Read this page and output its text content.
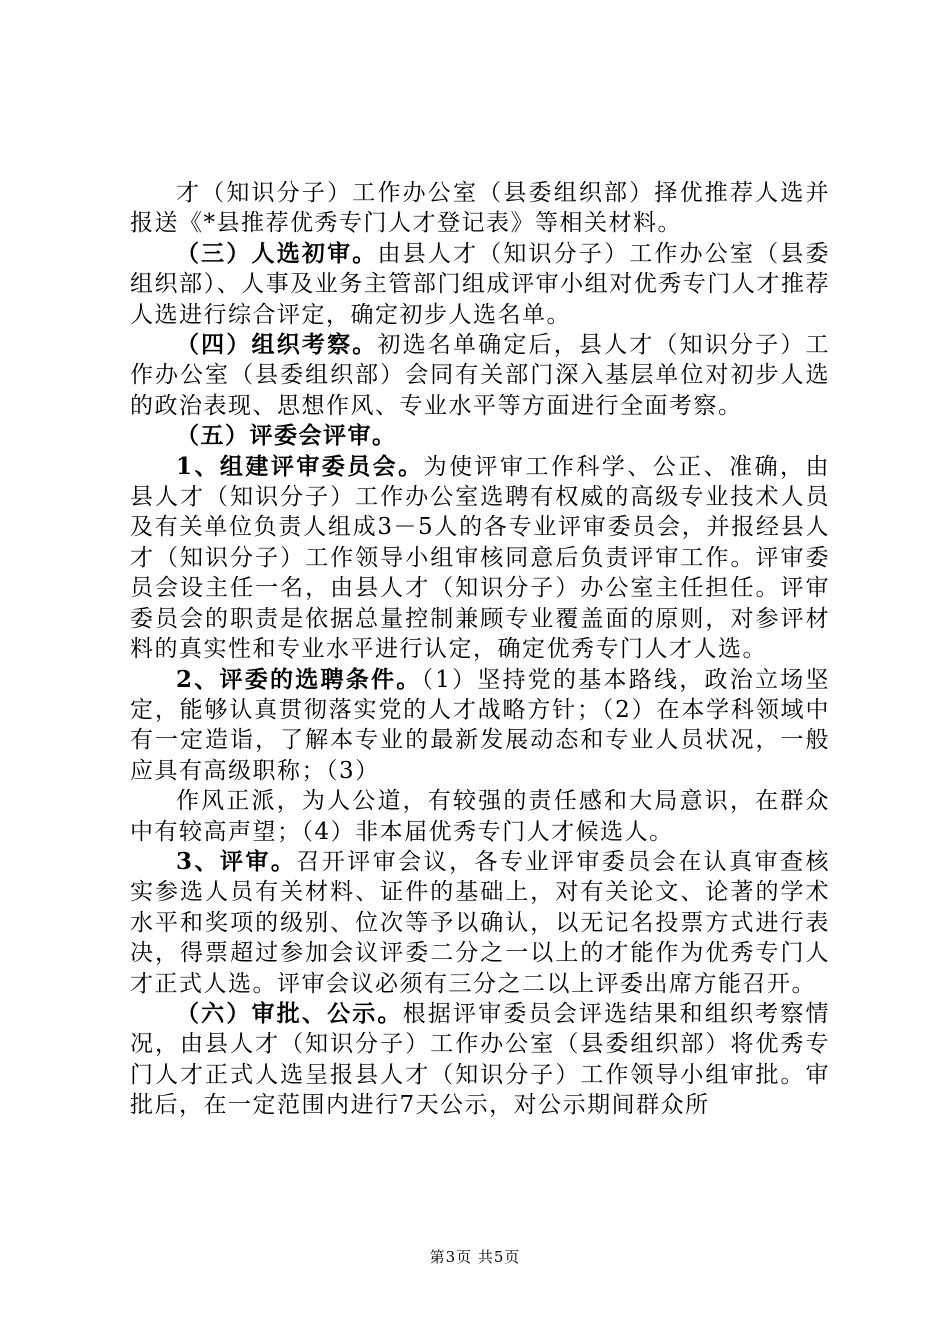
才（知识分子）工作办公室（县委组织部）择优推荐人选并报送《*县推荐优秀专门人才登记表》等相关材料。

（三）人选初审。由县人才（知识分子）工作办公室（县委组织部）、人事及业务主管部门组成评审小组对优秀专门人才推荐人选进行综合评定，确定初步人选名单。

（四）组织考察。初选名单确定后，县人才（知识分子）工作办公室（县委组织部）会同有关部门深入基层单位对初步人选的政治表现、思想作风、专业水平等方面进行全面考察。

（五）评委会评审。

1、组建评审委员会。为使评审工作科学、公正、准确，由县人才（知识分子）工作办公室选聘有权威的高级专业技术人员及有关单位负责人组成3－5人的各专业评审委员会，并报经县人才（知识分子）工作领导小组审核同意后负责评审工作。评审委员会设主任一名，由县人才（知识分子）办公室主任担任。评审委员会的职责是依据总量控制兼顾专业覆盖面的原则，对参评材料的真实性和专业水平进行认定，确定优秀专门人才人选。

2、评委的选聘条件。（1）坚持党的基本路线，政治立场坚定，能够认真贯彻落实党的人才战略方针；（2）在本学科领域中有一定造诣，了解本专业的最新发展动态和专业人员状况，一般应具有高级职称；（3）

作风正派，为人公道，有较强的责任感和大局意识，在群众中有较高声望；（4）非本届优秀专门人才候选人。

3、评审。召开评审会议，各专业评审委员会在认真审查核实参选人员有关材料、证件的基础上，对有关论文、论著的学术水平和奖项的级别、位次等予以确认，以无记名投票方式进行表决，得票超过参加会议评委二分之一以上的才能作为优秀专门人才正式人选。评审会议必须有三分之二以上评委出席方能召开。

（六）审批、公示。根据评审委员会评选结果和组织考察情况，由县人才（知识分子）工作办公室（县委组织部）将优秀专门人才正式人选呈报县人才（知识分子）工作领导小组审批。审批后，在一定范围内进行7天公示，对公示期间群众所

第3页 共5页
